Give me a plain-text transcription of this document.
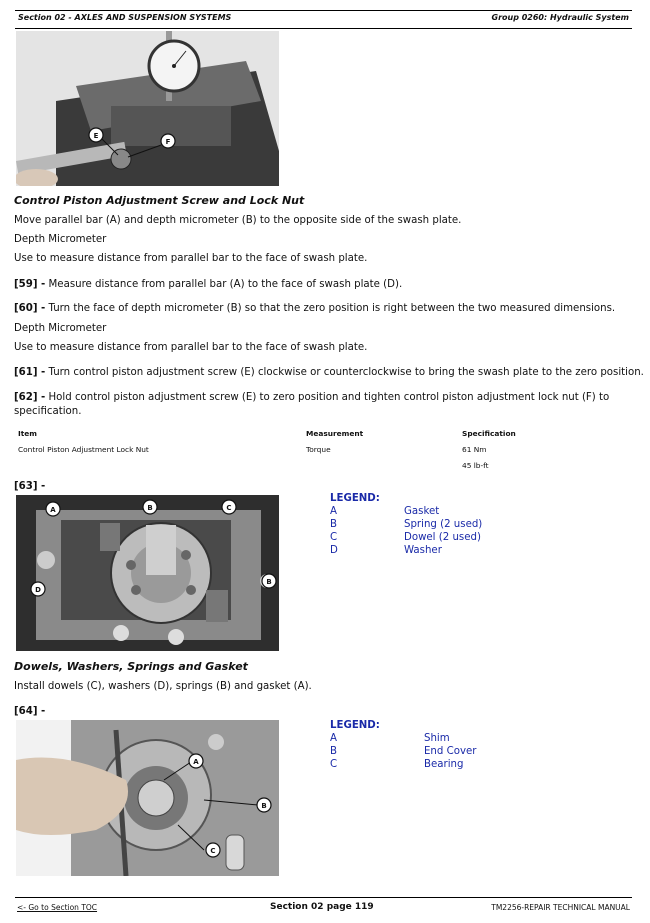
Section 02 - AXLES AND SUSPENSION SYSTEMS	Group 0260: Hydraulic System
E
F
Control Piston Adjustment Screw and Lock Nut
Move parallel bar (A) and depth micrometer (B) to the opposite side of the swash plate.
Depth Micrometer
Use to measure distance from parallel bar to the face of swash plate.
[59] - Measure distance from parallel bar (A) to the face of swash plate (D).
[60] - Turn the face of depth micrometer (B) so that the zero position is right between the two measured dimensions.
Depth Micrometer
Use to measure distance from parallel bar to the face of swash plate.
[61] - Turn control piston adjustment screw (E) clockwise or counterclockwise to bring the swash plate to the zero position.
[62] - Hold control piston adjustment screw (E) to zero position and tighten control piston adjustment lock nut (F) to specification.
Item	Measurement	Specification
Control Piston Adjustment Lock Nut	Torque	61 Nm
45 lb-ft
[63] -
A	B	C
D
B
LEGEND:
A	Gasket
B	Spring (2 used)
C	Dowel (2 used)
D	Washer
Dowels, Washers, Springs and Gasket
Install dowels (C), washers (D), springs (B) and gasket (A).
[64] -
A
B
C
LEGEND:
A	Shim
B	End Cover
C	Bearing
<- Go to Section TOC	Section 02 page 119	TM2256-REPAIR TECHNICAL MANUAL
